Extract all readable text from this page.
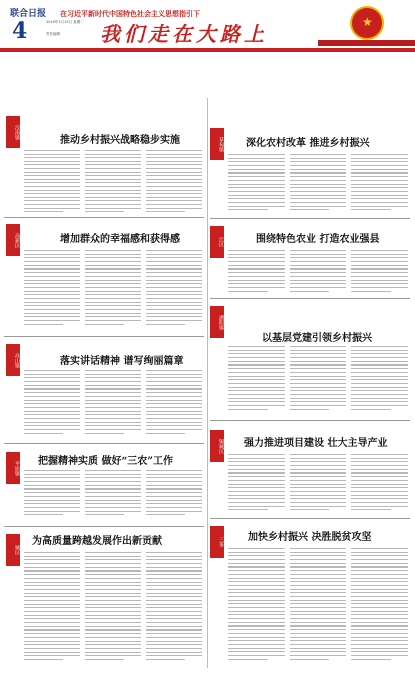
联合日报
4	2019年1月15日 星期二
责任编辑
在习近平新时代中国特色社会主义思想指引下
我们走在大路上	★
汉南镇
推动乡村振兴战略稳步实施
高新区	增加群众的幸福感和获得感
高山镇	落实讲话精神 谱写绚丽篇章
平原镇 把握精神实质 做好“三农”工作
城区
为高质量跨越发展作出新贡献
草甸镇 深化农村改革 推进乡村振兴
江区	围绕特色农业 打造农业强县
湖阳镇
以基层党建引领乡村振兴
铜城区 强力推进项目建设 壮大主导产业
三茶 加快乡村振兴 决胜脱贫攻坚
